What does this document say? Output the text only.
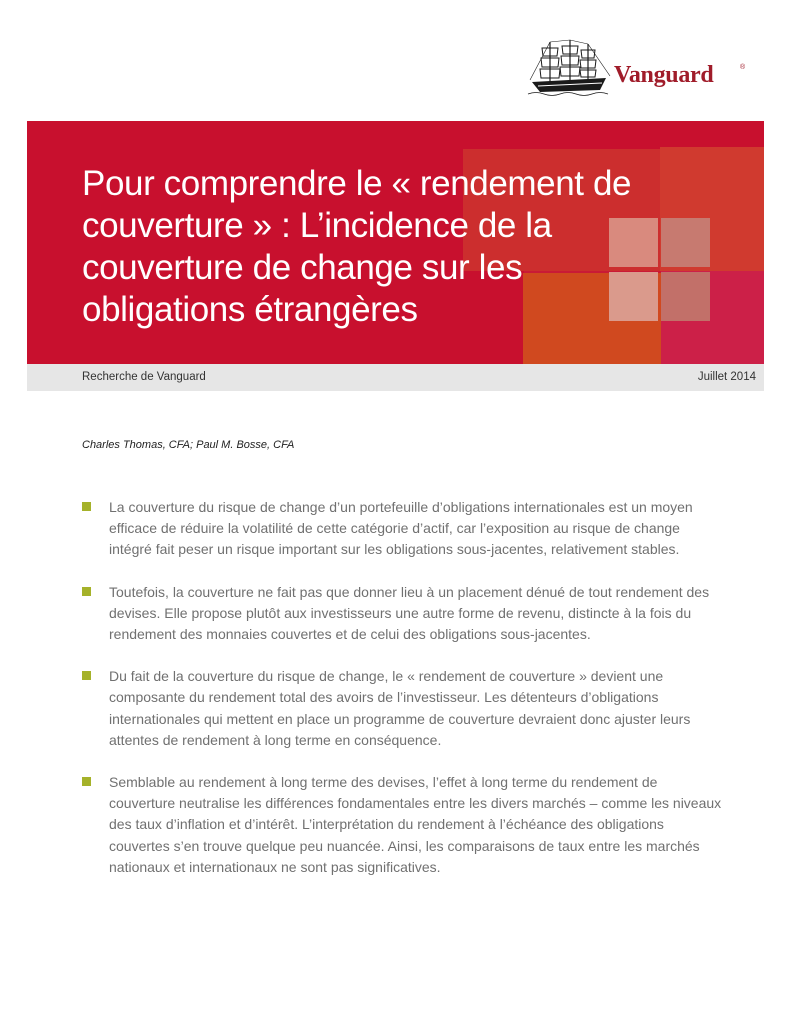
Vanguard	®
Pour comprendre le « rendement de couverture » : L’incidence de la couverture de change sur les obligations étrangères
Recherche de Vanguard	Juillet 2014
Charles Thomas, CFA; Paul M. Bosse, CFA

La couverture du risque de change d’un portefeuille d’obligations internationales est un moyen efficace de réduire la volatilité de cette catégorie d’actif, car l’exposition au risque de change intégré fait peser un risque important sur les obligations sous-jacentes, relativement stables.

Toutefois, la couverture ne fait pas que donner lieu à un placement dénué de tout rendement des devises. Elle propose plutôt aux investisseurs une autre forme de revenu, distincte à la fois du rendement des monnaies couvertes et de celui des obligations sous-jacentes.

Du fait de la couverture du risque de change, le « rendement de couverture » devient une composante du rendement total des avoirs de l’investisseur. Les détenteurs d’obligations internationales qui mettent en place un programme de couverture devraient donc ajuster leurs attentes de rendement à long terme en conséquence.

Semblable au rendement à long terme des devises, l’effet à long terme du rendement de couverture neutralise les différences fondamentales entre les divers marchés – comme les niveaux des taux d’inflation et d’intérêt. L’interprétation du rendement à l’échéance des obligations couvertes s’en trouve quelque peu nuancée. Ainsi, les comparaisons de taux entre les marchés nationaux et internationaux ne sont pas significatives.
